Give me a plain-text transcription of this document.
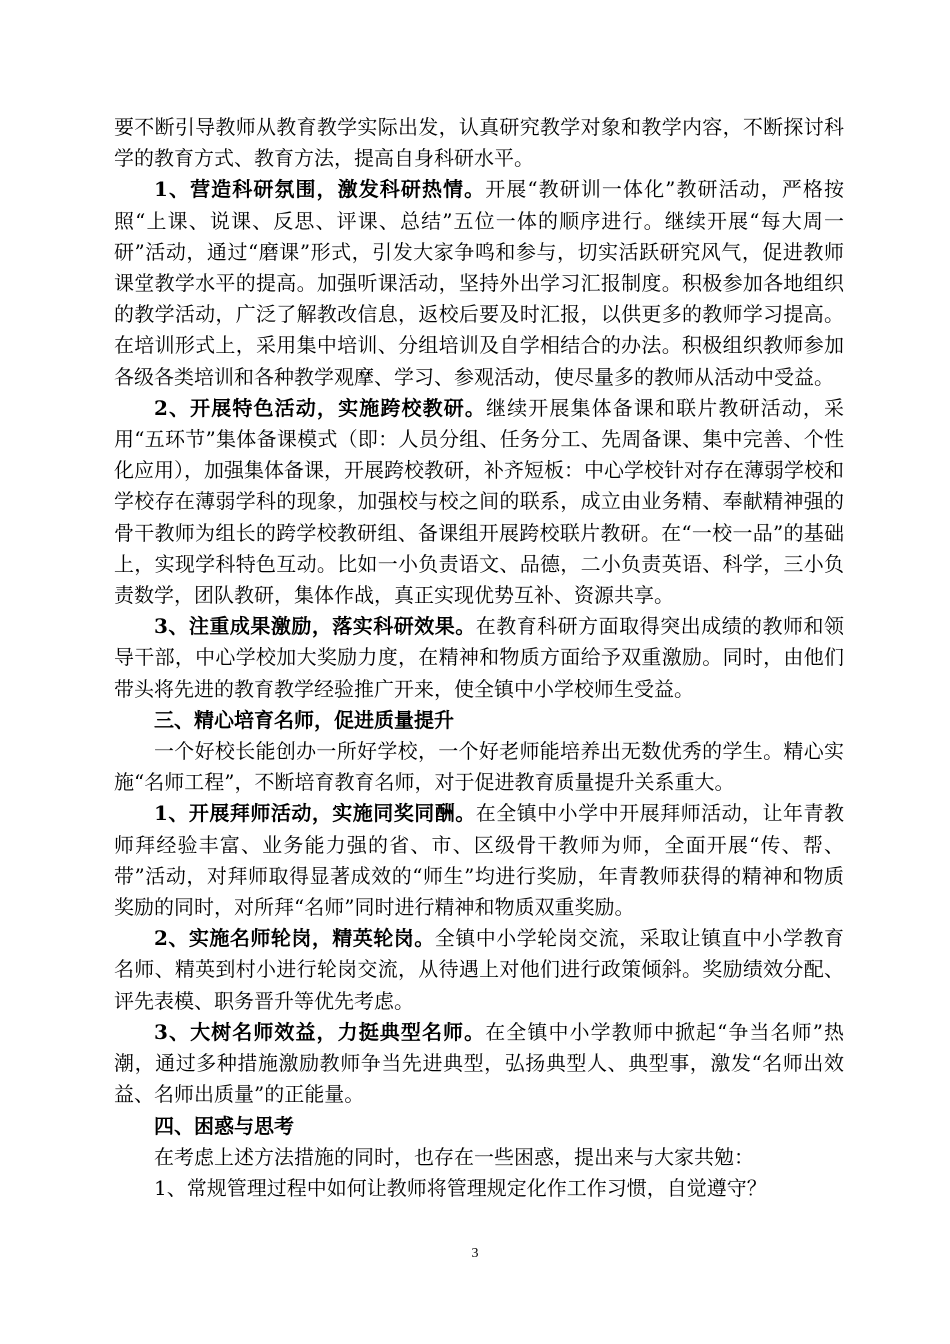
要不断引导教师从教育教学实际出发，认真研究教学对象和教学内容，不断探讨科学的教育方式、教育方法，提高自身科研水平。

1、营造科研氛围，激发科研热情。开展“教研训一体化”教研活动，严格按照“上课、说课、反思、评课、总结”五位一体的顺序进行。继续开展“每大周一研”活动，通过“磨课”形式，引发大家争鸣和参与，切实活跃研究风气，促进教师课堂教学水平的提高。加强听课活动，坚持外出学习汇报制度。积极参加各地组织的教学活动，广泛了解教改信息，返校后要及时汇报，以供更多的教师学习提高。在培训形式上，采用集中培训、分组培训及自学相结合的办法。积极组织教师参加各级各类培训和各种教学观摩、学习、参观活动，使尽量多的教师从活动中受益。

2、开展特色活动，实施跨校教研。继续开展集体备课和联片教研活动，采用“五环节”集体备课模式（即：人员分组、任务分工、先周备课、集中完善、个性化应用），加强集体备课，开展跨校教研，补齐短板：中心学校针对存在薄弱学校和学校存在薄弱学科的现象，加强校与校之间的联系，成立由业务精、奉献精神强的骨干教师为组长的跨学校教研组、备课组开展跨校联片教研。在“一校一品”的基础上，实现学科特色互动。比如一小负责语文、品德，二小负责英语、科学，三小负责数学，团队教研，集体作战，真正实现优势互补、资源共享。

3、注重成果激励，落实科研效果。在教育科研方面取得突出成绩的教师和领导干部，中心学校加大奖励力度，在精神和物质方面给予双重激励。同时，由他们带头将先进的教育教学经验推广开来，使全镇中小学校师生受益。

三、精心培育名师，促进质量提升

一个好校长能创办一所好学校，一个好老师能培养出无数优秀的学生。精心实施“名师工程”，不断培育教育名师，对于促进教育质量提升关系重大。

1、开展拜师活动，实施同奖同酬。在全镇中小学中开展拜师活动，让年青教师拜经验丰富、业务能力强的省、市、区级骨干教师为师，全面开展“传、帮、带”活动，对拜师取得显著成效的“师生”均进行奖励，年青教师获得的精神和物质奖励的同时，对所拜“名师”同时进行精神和物质双重奖励。

2、实施名师轮岗，精英轮岗。全镇中小学轮岗交流，采取让镇直中小学教育名师、精英到村小进行轮岗交流，从待遇上对他们进行政策倾斜。奖励绩效分配、评先表模、职务晋升等优先考虑。

3、大树名师效益，力挺典型名师。在全镇中小学教师中掀起“争当名师”热潮，通过多种措施激励教师争当先进典型，弘扬典型人、典型事，激发“名师出效益、名师出质量”的正能量。

四、困惑与思考

在考虑上述方法措施的同时，也存在一些困惑，提出来与大家共勉：

1、常规管理过程中如何让教师将管理规定化作工作习惯，自觉遵守？

3
